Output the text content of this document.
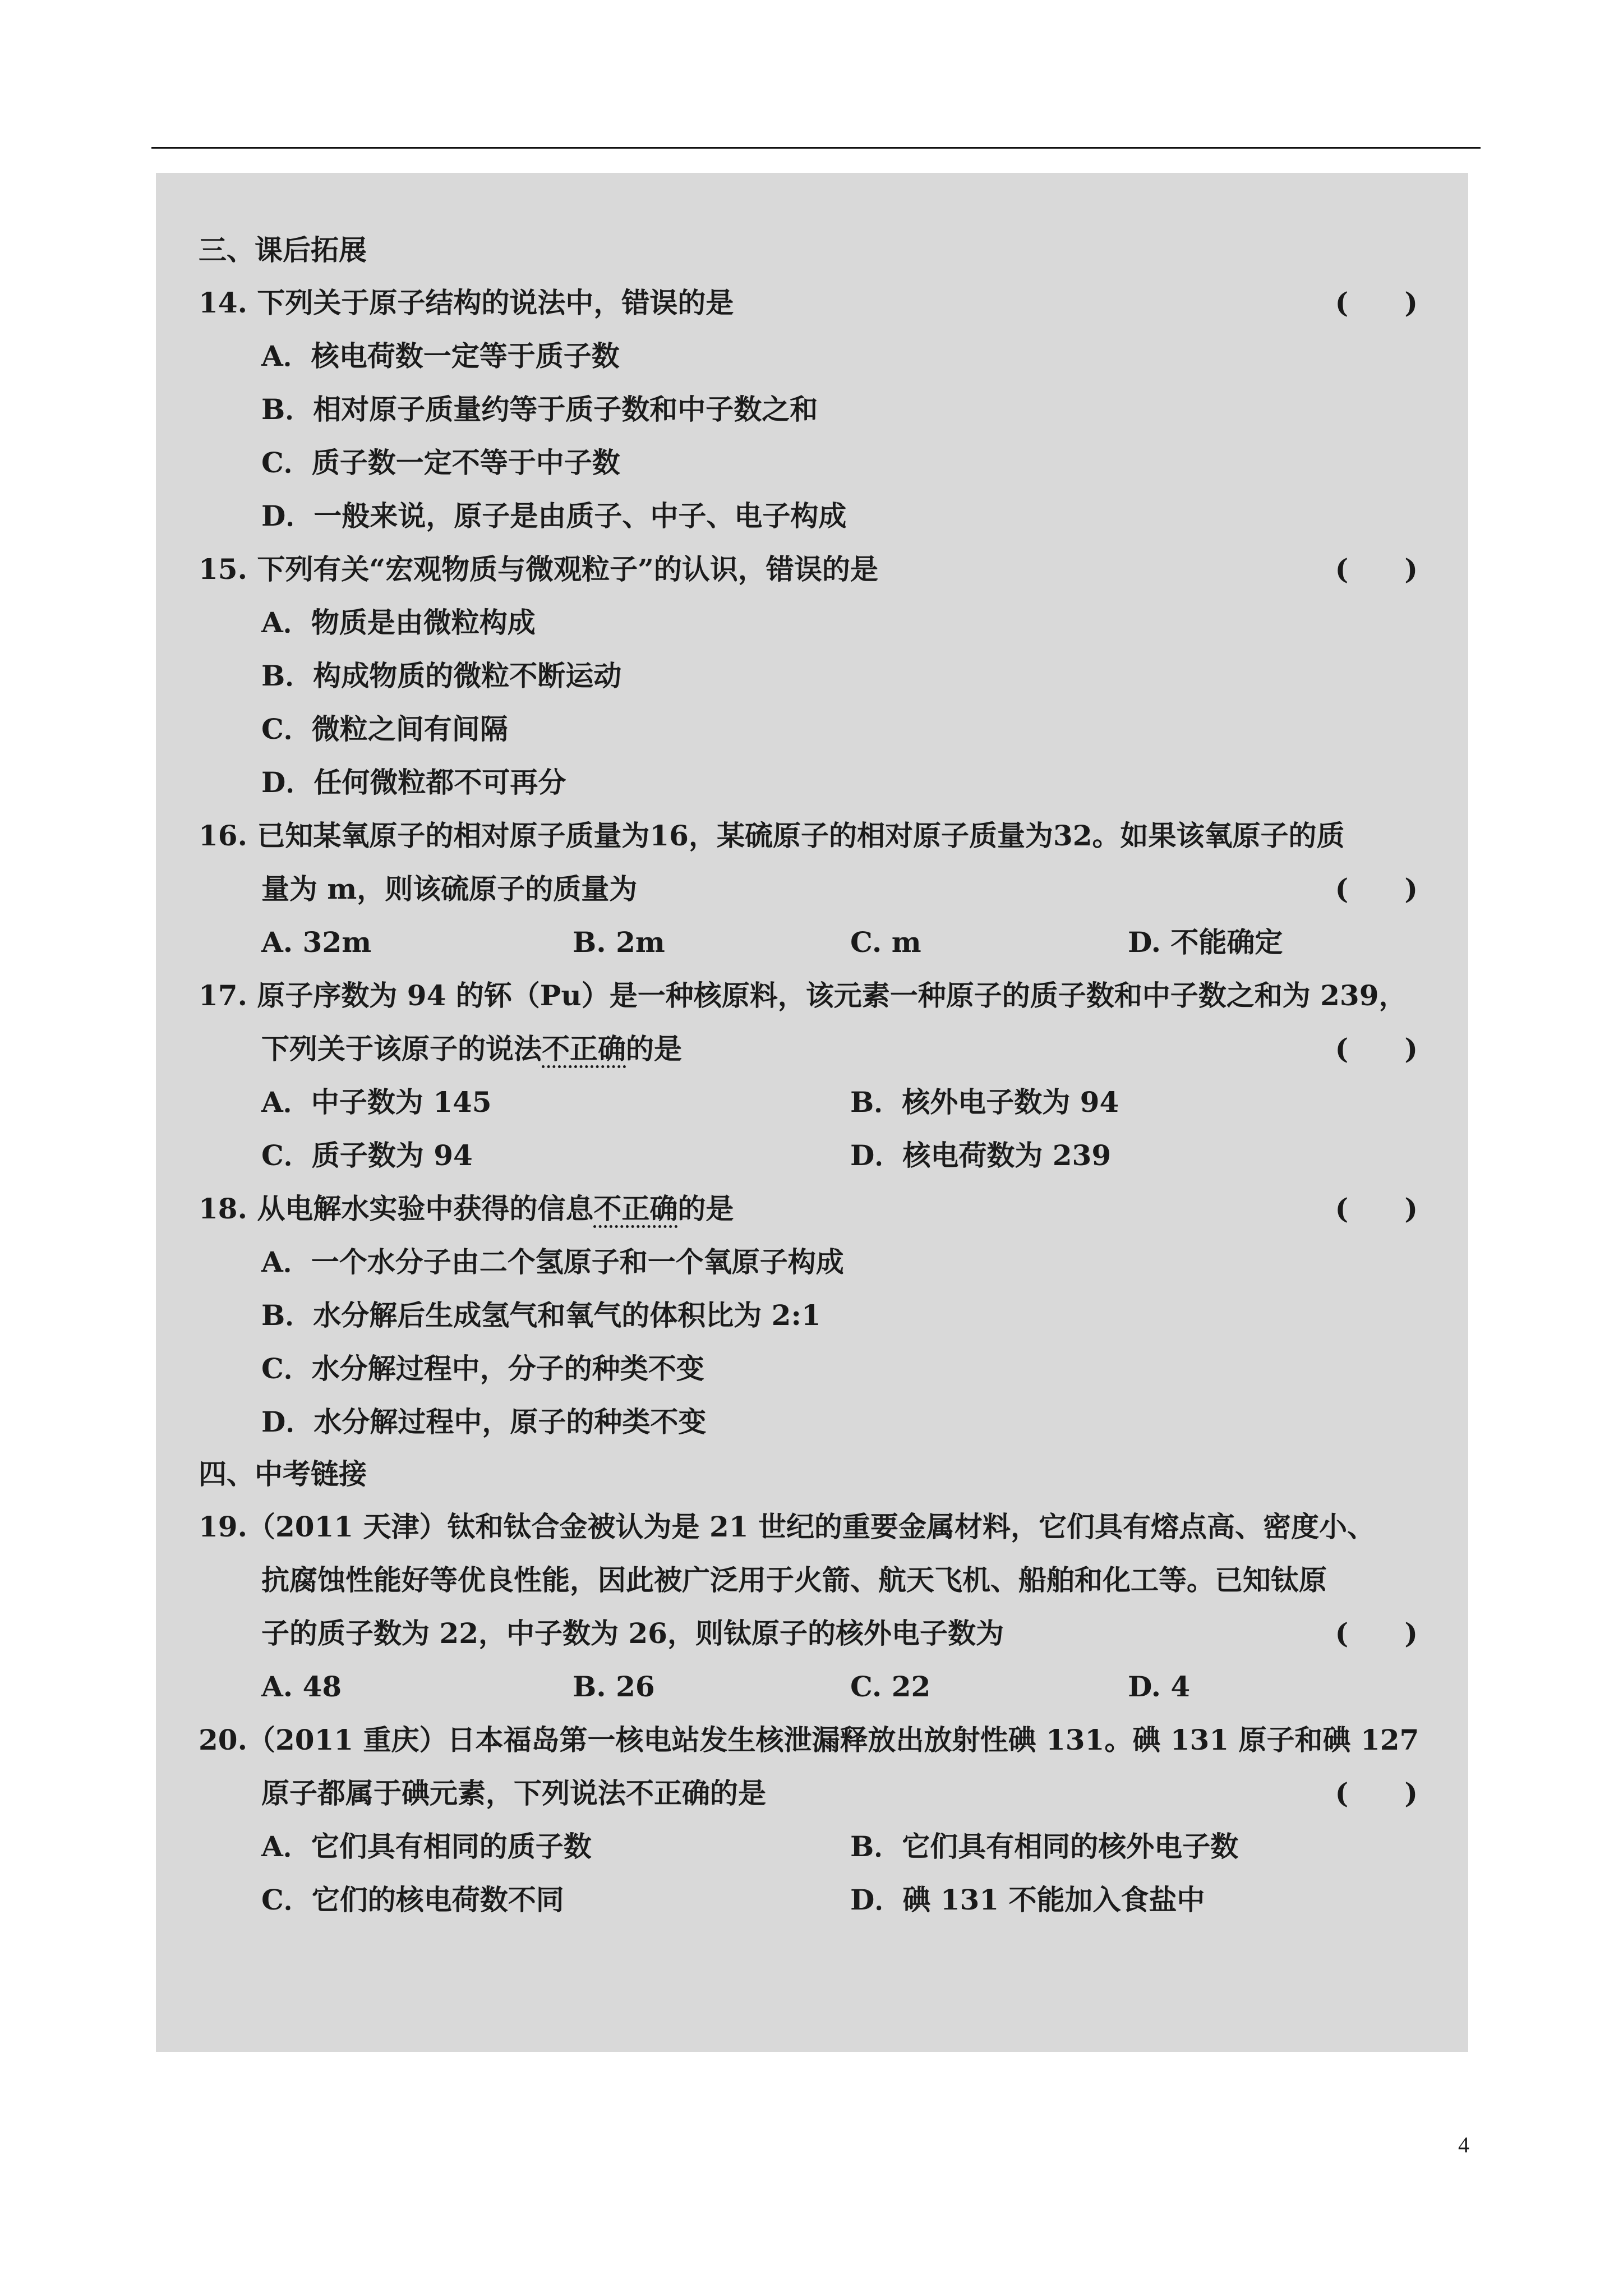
三、课后拓展
14. 下列关于原子结构的说法中，错误的是	(　　)
A．核电荷数一定等于质子数
B．相对原子质量约等于质子数和中子数之和
C．质子数一定不等于中子数
D．一般来说，原子是由质子、中子、电子构成
15. 下列有关“宏观物质与微观粒子”的认识，错误的是	(　　)
A．物质是由微粒构成
B．构成物质的微粒不断运动
C．微粒之间有间隔
D．任何微粒都不可再分
16. 已知某氧原子的相对原子质量为16，某硫原子的相对原子质量为32。如果该氧原子的质
量为 m，则该硫原子的质量为	(　　)
A. 32m	B. 2m	C. m	D. 不能确定
17. 原子序数为 94 的钚（Pu）是一种核原料，该元素一种原子的质子数和中子数之和为 239，
下列关于该原子的说法不正确的是	(　　)
A．中子数为 145	B．核外电子数为 94
C．质子数为 94	D．核电荷数为 239
18. 从电解水实验中获得的信息不正确的是	(　　)
A．一个水分子由二个氢原子和一个氧原子构成
B．水分解后生成氢气和氧气的体积比为 2:1
C．水分解过程中，分子的种类不变
D．水分解过程中，原子的种类不变
四、中考链接
19.（2011 天津）钛和钛合金被认为是 21 世纪的重要金属材料，它们具有熔点高、密度小、
抗腐蚀性能好等优良性能，因此被广泛用于火箭、航天飞机、船舶和化工等。已知钛原
子的质子数为 22，中子数为 26，则钛原子的核外电子数为	(　　)
A. 48	B. 26	C. 22	D. 4
20.（2011 重庆）日本福岛第一核电站发生核泄漏释放出放射性碘 131。碘 131 原子和碘 127
原子都属于碘元素，下列说法不正确的是	(　　)
A．它们具有相同的质子数	B．它们具有相同的核外电子数
C．它们的核电荷数不同	D．碘 131 不能加入食盐中
4
